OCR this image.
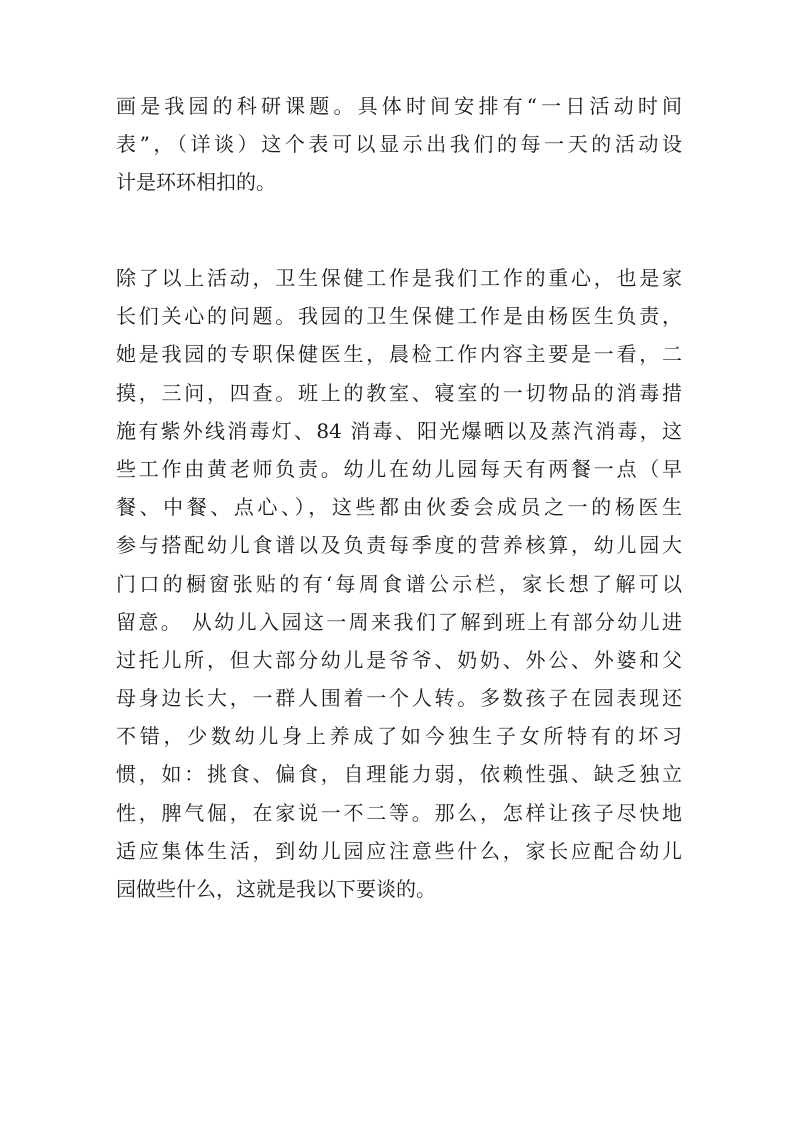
画是我园的科研课题。具体时间安排有“一日活动时间
表”，（详谈）这个表可以显示出我们的每一天的活动设
计是环环相扣的。
除了以上活动，卫生保健工作是我们工作的重心，也是家
长们关心的问题。我园的卫生保健工作是由杨医生负责，
她是我园的专职保健医生，晨检工作内容主要是一看，二
摸，三问，四查。班上的教室、寝室的一切物品的消毒措
施有紫外线消毒灯、84 消毒、阳光爆晒以及蒸汽消毒，这
些工作由黄老师负责。幼儿在幼儿园每天有两餐一点（早
餐、中餐、点心、），这些都由伙委会成员之一的杨医生
参与搭配幼儿食谱以及负责每季度的营养核算，幼儿园大
门口的橱窗张贴的有‘每周食谱公示栏，家长想了解可以
留意。 从幼儿入园这一周来我们了解到班上有部分幼儿进
过托儿所，但大部分幼儿是爷爷、奶奶、外公、外婆和父
母身边长大，一群人围着一个人转。多数孩子在园表现还
不错，少数幼儿身上养成了如今独生子女所特有的坏习
惯，如：挑食、偏食，自理能力弱，依赖性强、缺乏独立
性，脾气倔，在家说一不二等。那么，怎样让孩子尽快地
适应集体生活，到幼儿园应注意些什么，家长应配合幼儿
园做些什么，这就是我以下要谈的。
